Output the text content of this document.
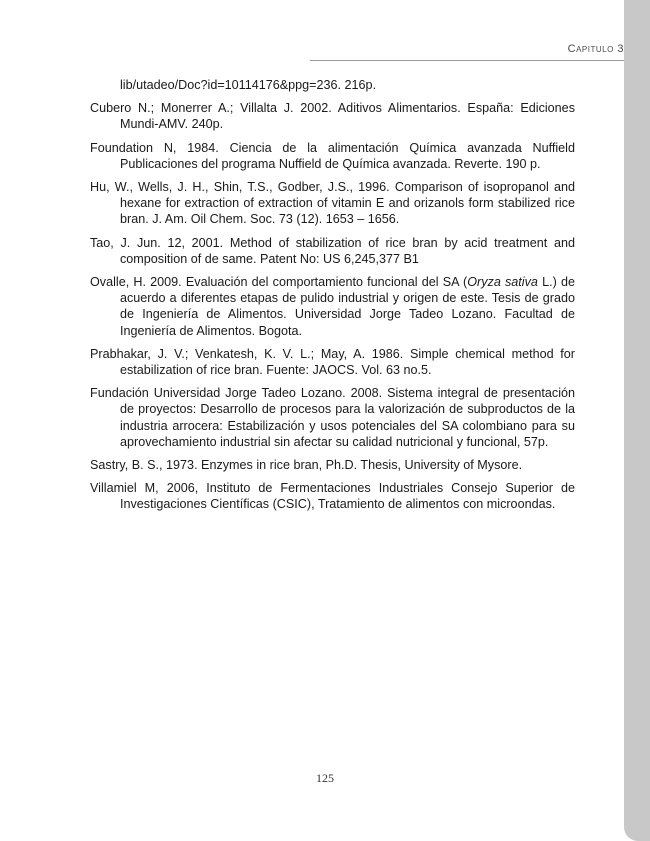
Capitulo 3

lib/utadeo/Doc?id=10114176&ppg=236. 216p.

Cubero N.; Monerrer A.; Villalta J. 2002. Aditivos Alimentarios. España: Ediciones Mundi-AMV. 240p.

Foundation N, 1984. Ciencia de la alimentación Química avanzada Nuffield Publicaciones del programa Nuffield de Química avanzada. Reverte. 190 p.

Hu, W., Wells, J. H., Shin, T.S., Godber, J.S., 1996. Comparison of isopropanol and hexane for extraction of extraction of vitamin E and orizanols form stabilized rice bran. J. Am. Oil Chem. Soc. 73 (12). 1653 – 1656.

Tao, J. Jun. 12, 2001. Method of stabilization of rice bran by acid treatment and composition of de same. Patent No: US 6,245,377 B1

Ovalle, H. 2009. Evaluación del comportamiento funcional del SA (Oryza sativa L.) de acuerdo a diferentes etapas de pulido industrial y origen de este. Tesis de grado de Ingeniería de Alimentos. Universidad Jorge Tadeo Lozano. Facultad de Ingeniería de Alimentos. Bogota.

Prabhakar, J. V.; Venkatesh, K. V. L.; May, A. 1986. Simple chemical method for estabilization of rice bran. Fuente: JAOCS. Vol. 63 no.5.

Fundación Universidad Jorge Tadeo Lozano. 2008. Sistema integral de presentación de proyectos: Desarrollo de procesos para la valorización de subproductos de la industria arrocera: Estabilización y usos potenciales del SA colombiano para su aprovechamiento industrial sin afectar su calidad nutricional y funcional, 57p.

Sastry, B. S., 1973. Enzymes in rice bran, Ph.D. Thesis, University of Mysore.

Villamiel M, 2006, Instituto de Fermentaciones Industriales Consejo Superior de Investigaciones Científicas (CSIC), Tratamiento de alimentos con microondas.

125
